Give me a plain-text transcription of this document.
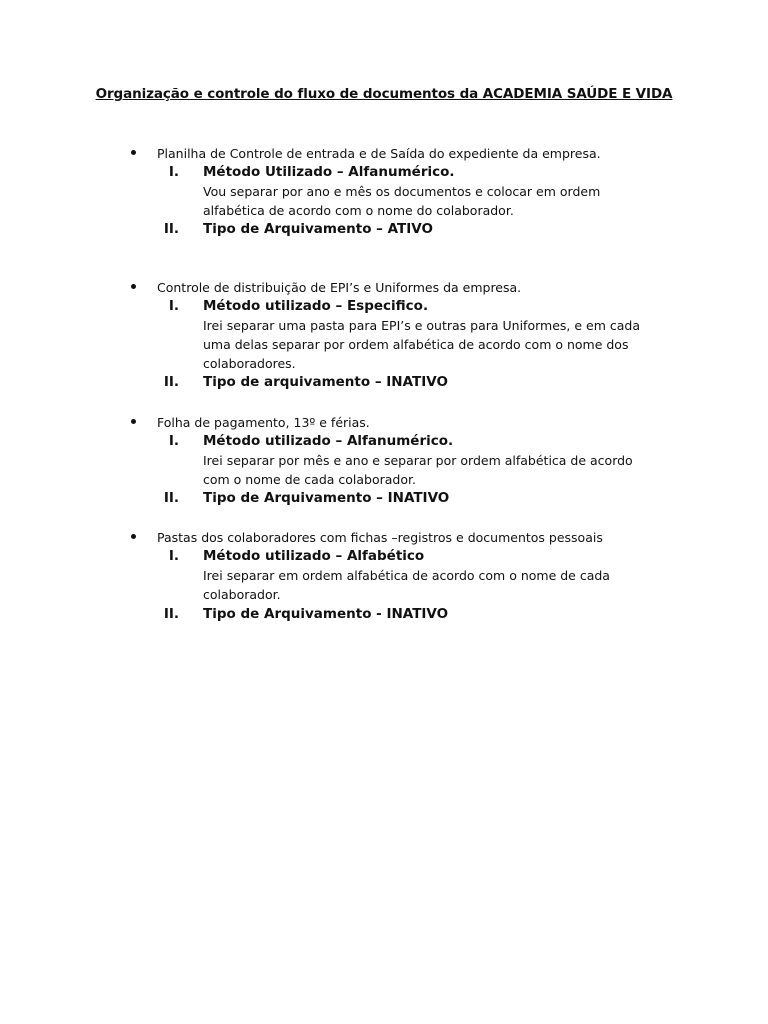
Organização e controle do fluxo de documentos da ACADEMIA SAÚDE E VIDA

Planilha de Controle de entrada e de Saída do expediente da empresa.

I. Método Utilizado – Alfanumérico.

Vou separar por ano e mês os documentos e colocar em ordem
alfabética de acordo com o nome do colaborador.

II. Tipo de Arquivamento – ATIVO

Controle de distribuição de EPI’s e Uniformes da empresa.

I. Método utilizado – Especifico.

Irei separar uma pasta para EPI’s e outras para Uniformes, e em cada
uma delas separar por ordem alfabética de acordo com o nome dos
colaboradores.

II. Tipo de arquivamento – INATIVO

Folha de pagamento, 13º e férias.

I. Método utilizado – Alfanumérico.

Irei separar por mês e ano e separar por ordem alfabética de acordo
com o nome de cada colaborador.

II. Tipo de Arquivamento – INATIVO

Pastas dos colaboradores com fichas –registros e documentos pessoais

I. Método utilizado – Alfabético

Irei separar em ordem alfabética de acordo com o nome de cada
colaborador.

II. Tipo de Arquivamento - INATIVO
